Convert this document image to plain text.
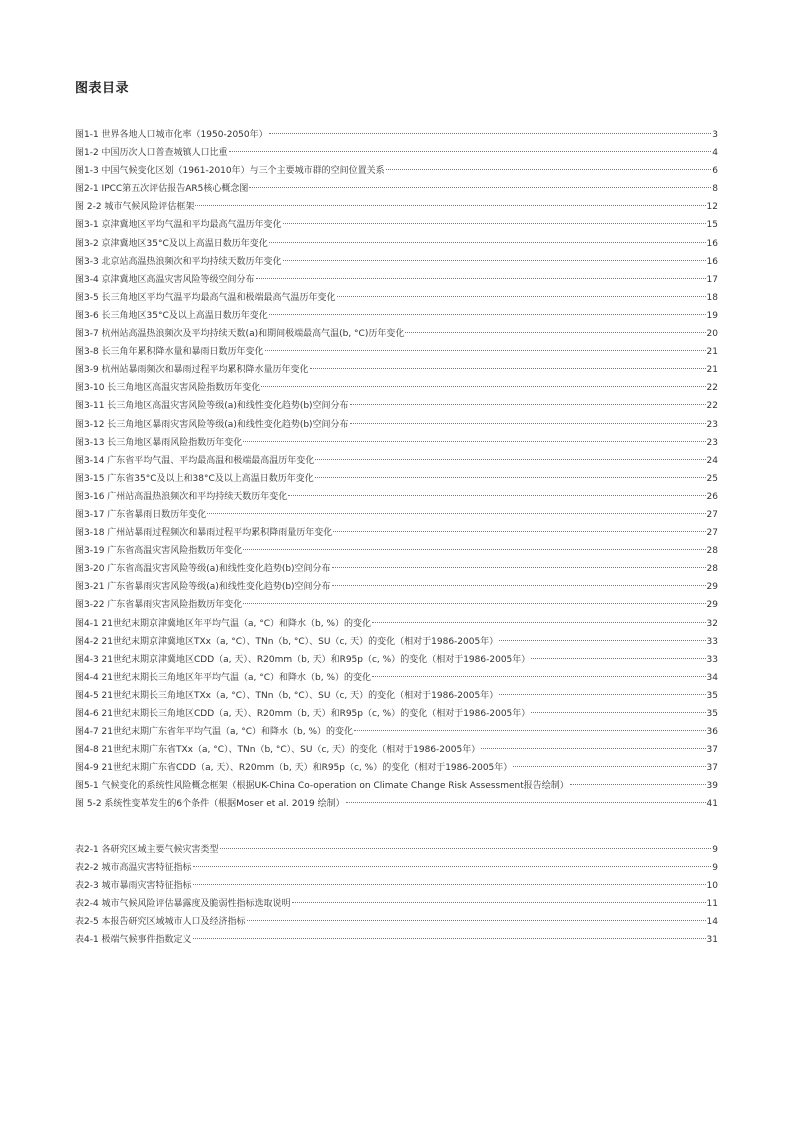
图表目录
图1-1 世界各地人口城市化率（1950-2050年）	3
图1-2 中国历次人口普查城镇人口比重	4
图1-3 中国气候变化区划（1961-2010年）与三个主要城市群的空间位置关系	6
图2-1 IPCC第五次评估报告AR5核心概念图	8
图 2-2 城市气候风险评估框架	12
图3-1 京津冀地区平均气温和平均最高气温历年变化	15
图3-2 京津冀地区35°C及以上高温日数历年变化	16
图3-3 北京站高温热浪频次和平均持续天数历年变化	16
图3-4 京津冀地区高温灾害风险等级空间分布	17
图3-5 长三角地区平均气温平均最高气温和极端最高气温历年变化	18
图3-6 长三角地区35°C及以上高温日数历年变化	19
图3-7 杭州站高温热浪频次及平均持续天数(a)和期间极端最高气温(b, °C)历年变化	20
图3-8 长三角年累积降水量和暴雨日数历年变化	21
图3-9 杭州站暴雨频次和暴雨过程平均累积降水量历年变化	21
图3-10 长三角地区高温灾害风险指数历年变化	22
图3-11 长三角地区高温灾害风险等级(a)和线性变化趋势(b)空间分布	22
图3-12 长三角地区暴雨灾害风险等级(a)和线性变化趋势(b)空间分布	23
图3-13 长三角地区暴雨风险指数历年变化	23
图3-14 广东省平均气温、平均最高温和极端最高温历年变化	24
图3-15 广东省35°C及以上和38°C及以上高温日数历年变化	25
图3-16 广州站高温热浪频次和平均持续天数历年变化	26
图3-17 广东省暴雨日数历年变化	27
图3-18 广州站暴雨过程频次和暴雨过程平均累积降雨量历年变化	27
图3-19 广东省高温灾害风险指数历年变化	28
图3-20 广东省高温灾害风险等级(a)和线性变化趋势(b)空间分布	28
图3-21 广东省暴雨灾害风险等级(a)和线性变化趋势(b)空间分布	29
图3-22 广东省暴雨灾害风险指数历年变化	29
图4-1 21世纪末期京津冀地区年平均气温（a, °C）和降水（b, %）的变化	32
图4-2 21世纪末期京津冀地区TXx（a, °C）、TNn（b, °C）、SU（c, 天）的变化（相对于1986-2005年）	33
图4-3 21世纪末期京津冀地区CDD（a, 天）、R20mm（b, 天）和R95p（c, %）的变化（相对于1986-2005年）	33
图4-4 21世纪末期长三角地区年平均气温（a, °C）和降水（b, %）的变化	34
图4-5 21世纪末期长三角地区TXx（a, °C）、TNn（b, °C）、SU（c, 天）的变化（相对于1986-2005年）	35
图4-6 21世纪末期长三角地区CDD（a, 天）、R20mm（b, 天）和R95p（c, %）的变化（相对于1986-2005年）	35
图4-7 21世纪末期广东省年平均气温（a, °C）和降水（b, %）的变化	36
图4-8 21世纪末期广东省TXx（a, °C）、TNn（b, °C）、SU（c, 天）的变化（相对于1986-2005年）	37
图4-9 21世纪末期广东省CDD（a, 天）、R20mm（b, 天）和R95p（c, %）的变化（相对于1986-2005年）	37
图5-1 气候变化的系统性风险概念框架（根据UK-China Co-operation on Climate Change Risk Assessment报告绘制）	39
图 5-2 系统性变革发生的6个条件（根据Moser et al. 2019 绘制）	41
表2-1 各研究区域主要气候灾害类型	9
表2-2 城市高温灾害特征指标	9
表2-3 城市暴雨灾害特征指标	10
表2-4 城市气候风险评估暴露度及脆弱性指标选取说明	11
表2-5 本报告研究区域城市人口及经济指标	14
表4-1 极端气候事件指数定义	31
